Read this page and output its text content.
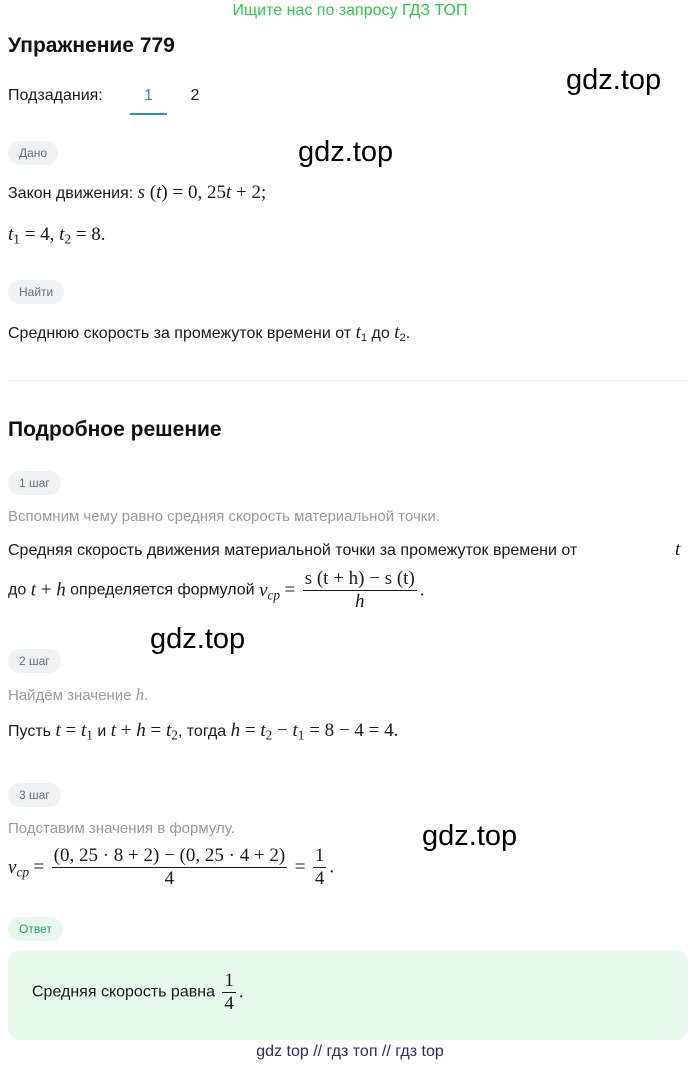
Ищите нас по запросу ГДЗ ТОП
Упражнение 779
Подзадания:	1	2	gdz.top
gdz.top
gdz.top
gdz.top
Дано
Закон движения: s (t) = 0, 25t + 2;
$t_1 = 4$, $t_2 = 8$.
Найти
Среднюю скорость за промежуток времени от $t_1$ до $t_2$.
Подробное решение
1 шаг
Вспомним чему равно средняя скорость материальной точки.
Средняя скорость движения материальной точки за промежуток времени от	t
до t + h определяется формулой $v_{cp} = \frac{s (t + h) - s (t)}{h}$ .
2 шаг
Найдём значение h.
Пусть $t = t_1$ и $t + h = t_2$, тогда $h = t_2 - t_1 = 8 - 4 = 4$.
3 шаг
Подставим значения в формулу.
$v_{cp} = \frac{(0, 25 \cdot 8 + 2) - (0, 25 \cdot 4 + 2)}{4} = \frac{1}{4}$ .
Ответ
Средняя скорость равна $\frac{1}{4}$ .
gdz top // гдз топ // гдз top
